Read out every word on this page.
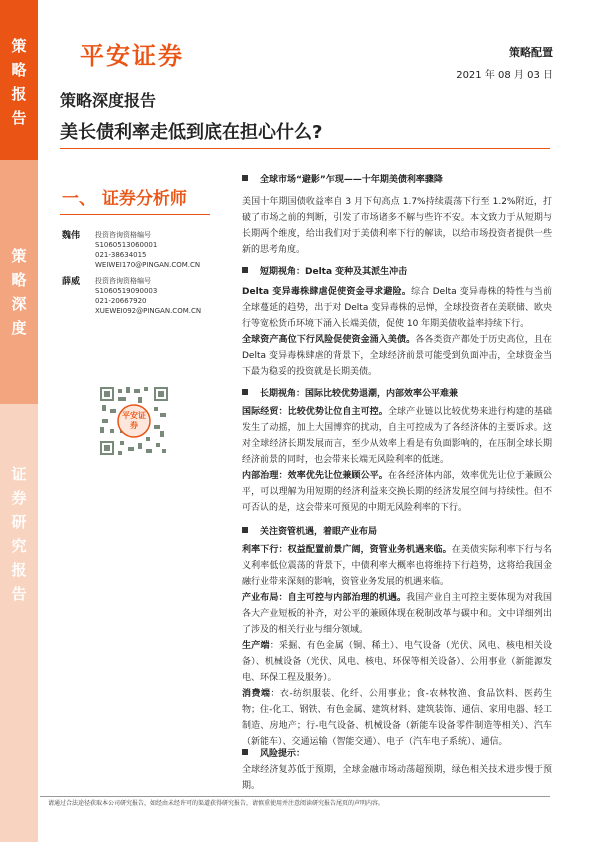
策略报告
策略深度
证券研究报告
平安证券	策略配置
2021 年 08 月 03 日
策略深度报告
美长债利率走低到底在担心什么?
一、 证券分析师
魏伟 投资咨询资格编号
S1060513060001
021-38634015
WEIWEI170@PINGAN.COM.CN
薛威 投资咨询资格编号
S1060519090003
021-20667920
XUEWEI092@PINGAN.COM.CN
平安证券
全球市场“避影”乍现——十年期美债利率骤降

美国十年期国债收益率自 3 月下旬高点 1.7%持续震荡下行至 1.2%附近，打破了市场之前的判断，引发了市场诸多不解与些许不安。本文致力于从短期与长期两个维度，给出我们对于美债利率下行的解读，以给市场投资者提供一些新的思考角度。

短期视角：Delta 变种及其派生冲击

Delta 变异毒株肆虐促使资金寻求避险。综合 Delta 变异毒株的特性与当前全球蔓延的趋势，出于对 Delta 变异毒株的忌惮，全球投资者在美联储、欧央行等宽松货币环境下涌入长端美债，促使 10 年期美债收益率持续下行。

全球资产高位下行风险促使资金涌入美债。各各类资产都处于历史高位，且在 Delta 变异毒株肆虐的背景下，全球经济前景可能受到负面冲击，全球资金当下最为稳妥的投资就是长期美债。

长期视角：国际比较优势退潮，内部效率公平难兼

国际经贸：比较优势让位自主可控。全球产业链以比较优势来进行构建的基础发生了动摇，加上大国博弈的扰动，自主可控成为了各经济体的主要诉求。这对全球经济长期发展而言，至少从效率上看是有负面影响的，在压制全球长期经济前景的同时，也会带来长端无风险利率的低迷。

内部治理：效率优先让位兼顾公平。在各经济体内部，效率优先让位于兼顾公平，可以理解为用短期的经济利益来交换长期的经济发展空间与持续性。但不可否认的是，这会带来可预见的中期无风险利率的下行。

关注资管机遇，着眼产业布局

利率下行：权益配置前景广阔，资管业务机遇来临。在美债实际利率下行与名义利率低位震荡的背景下，中债利率大概率也将维持下行趋势，这将给我国金融行业带来深刻的影响，资管业务发展的机遇来临。

产业布局：自主可控与内部治理的机遇。我国产业自主可控主要体现为对我国各大产业短板的补齐，对公平的兼顾体现在税制改革与碳中和。文中详细列出了涉及的相关行业与细分领域。

生产端：采掘、有色金属（铜、稀土）、电气设备（光伏、风电、核电相关设备）、机械设备（光伏、风电、核电、环保等相关设备）、公用事业（新能源发电、环保工程及服务）。

消费端：衣-纺织服装、化纤、公用事业；食-农林牧渔、食品饮料、医药生物；住-化工、钢铁、有色金属、建筑材料、建筑装饰、通信、家用电器、轻工制造、房地产；行-电气设备、机械设备（新能车设备零件制造等相关）、汽车（新能车）、交通运输（智能交通）、电子（汽车电子系统）、通信。

风险提示：

全球经济复苏低于预期，全球金融市场动荡超预期，绿色相关技术进步慢于预期。

请通过合法途径获取本公司研究报告，如经由未经许可的渠道获得研究报告，请慎重使用并注意阅读研究报告尾页的声明内容。
